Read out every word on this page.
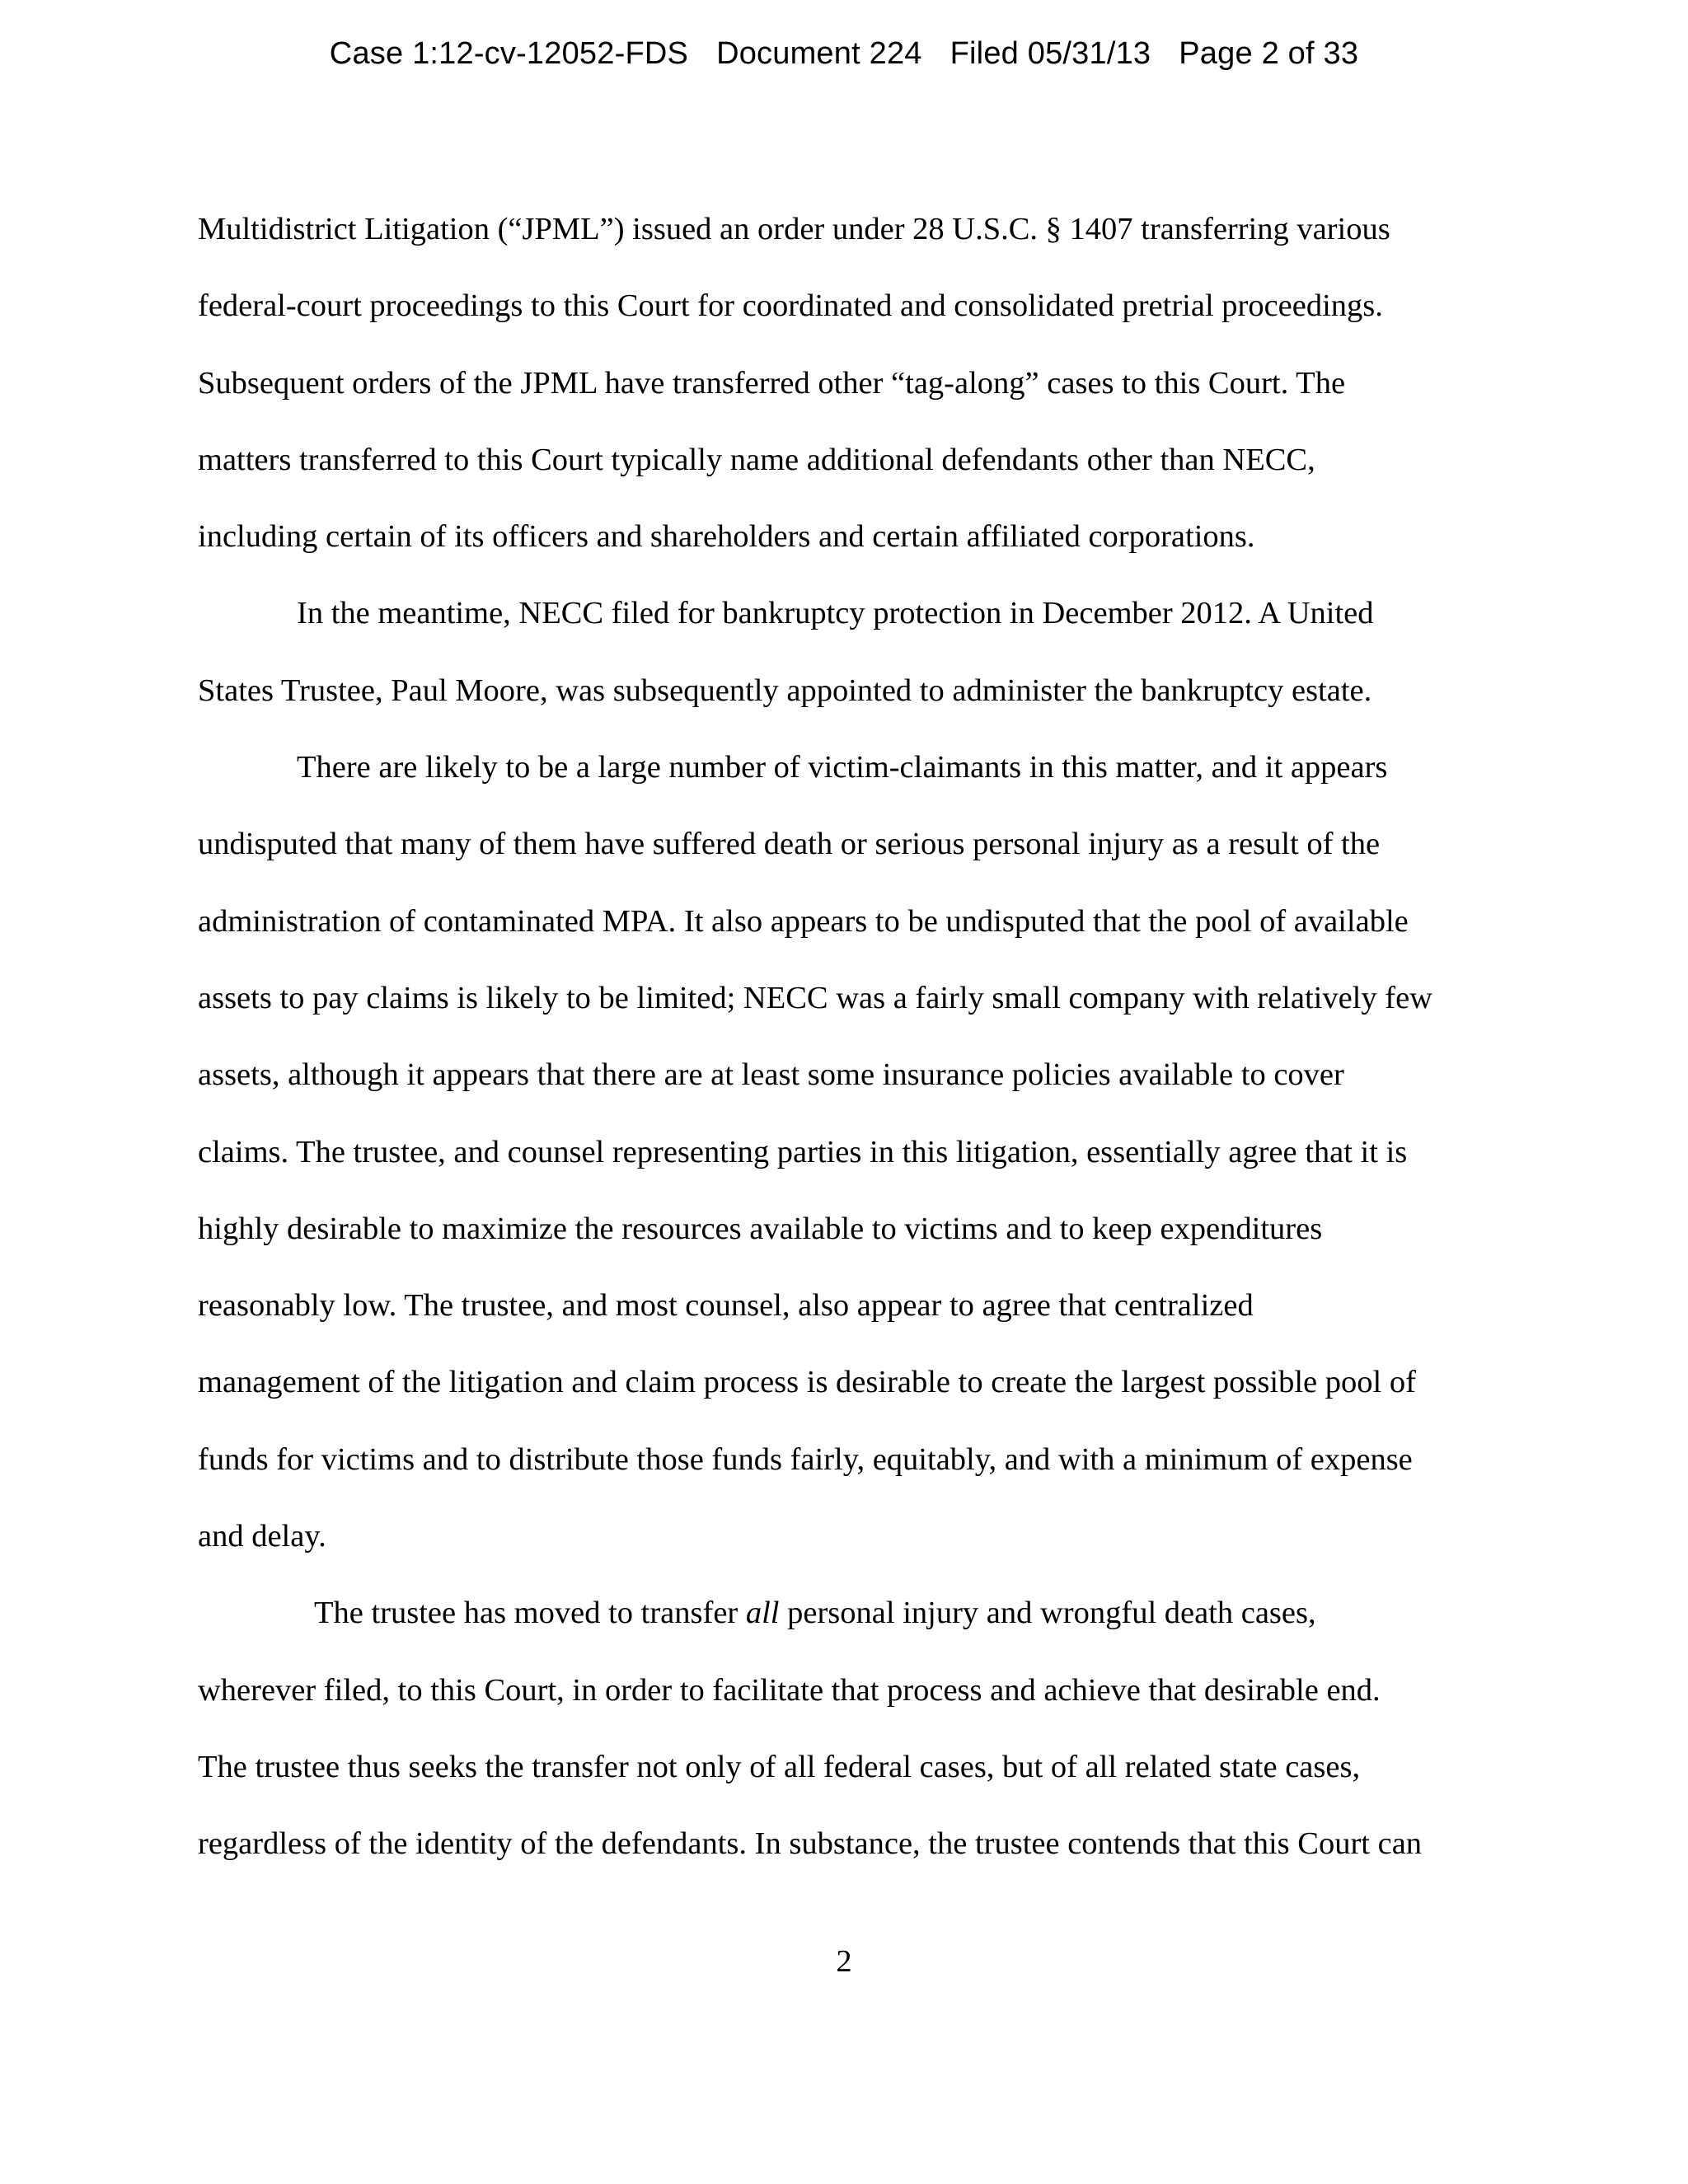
Case 1:12-cv-12052-FDS Document 224 Filed 05/31/13 Page 2 of 33
Multidistrict Litigation (“JPML”) issued an order under 28 U.S.C. § 1407 transferring various
federal-court proceedings to this Court for coordinated and consolidated pretrial proceedings.
Subsequent orders of the JPML have transferred other “tag-along” cases to this Court. The
matters transferred to this Court typically name additional defendants other than NECC,
including certain of its officers and shareholders and certain affiliated corporations.
In the meantime, NECC filed for bankruptcy protection in December 2012. A United
States Trustee, Paul Moore, was subsequently appointed to administer the bankruptcy estate.
There are likely to be a large number of victim-claimants in this matter, and it appears
undisputed that many of them have suffered death or serious personal injury as a result of the
administration of contaminated MPA. It also appears to be undisputed that the pool of available
assets to pay claims is likely to be limited; NECC was a fairly small company with relatively few
assets, although it appears that there are at least some insurance policies available to cover
claims. The trustee, and counsel representing parties in this litigation, essentially agree that it is
highly desirable to maximize the resources available to victims and to keep expenditures
reasonably low. The trustee, and most counsel, also appear to agree that centralized
management of the litigation and claim process is desirable to create the largest possible pool of
funds for victims and to distribute those funds fairly, equitably, and with a minimum of expense
and delay.
The trustee has moved to transfer all personal injury and wrongful death cases,
wherever filed, to this Court, in order to facilitate that process and achieve that desirable end.
The trustee thus seeks the transfer not only of all federal cases, but of all related state cases,
regardless of the identity of the defendants. In substance, the trustee contends that this Court can
2
